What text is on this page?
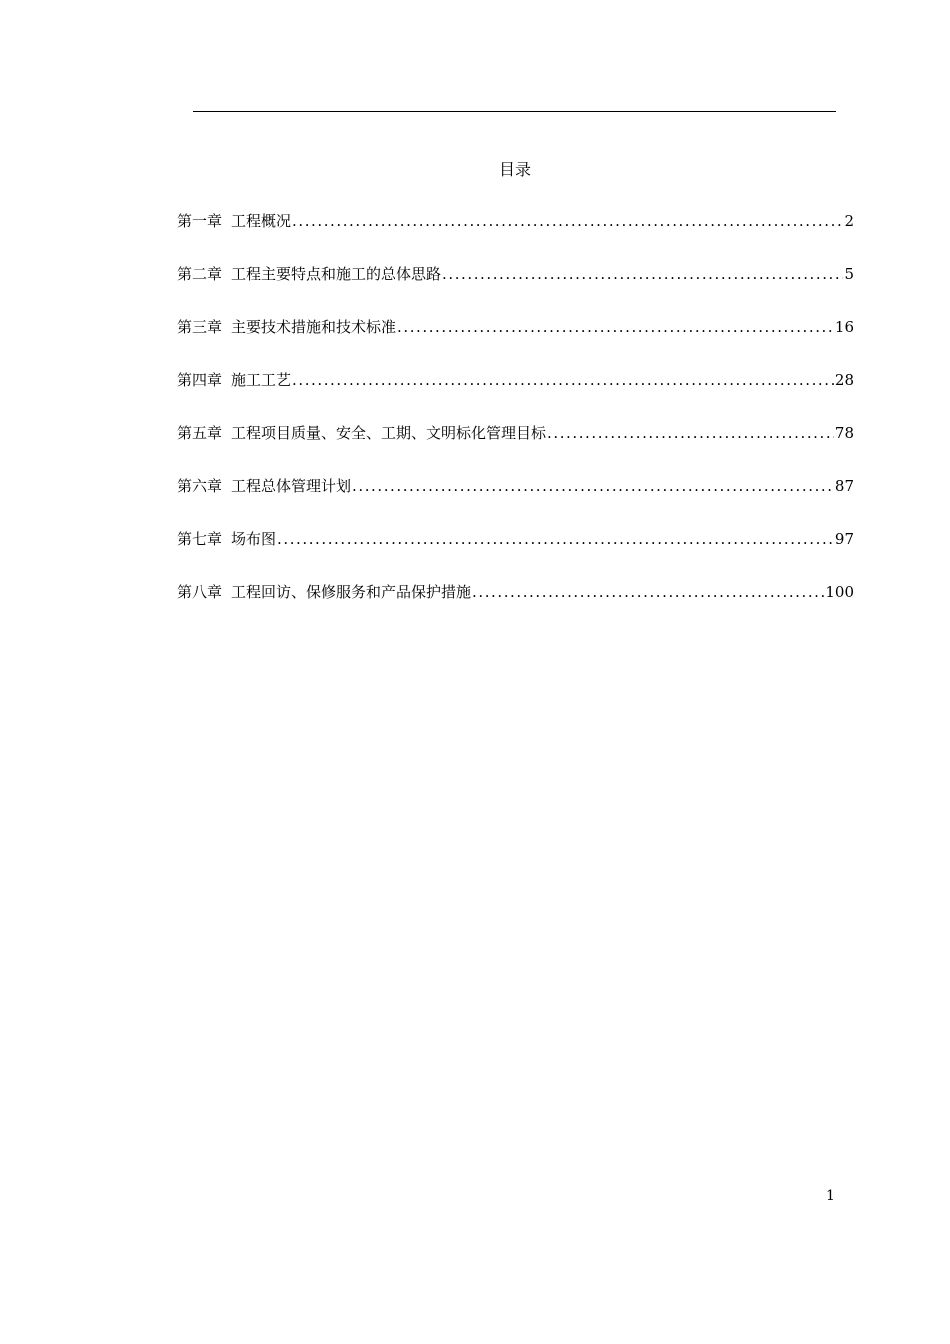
目录
第一章 工程概况 . . .	2
第二章 工程主要特点和施工的总体思路 . . .	5
第三章 主要技术措施和技术标准 . . .	16
第四章 施工工艺 . . .	28
第五章 工程项目质量、安全、工期、文明标化管理目标 . . .	78
第六章 工程总体管理计划 . . .	87
第七章 场布图 . . .	97
第八章 工程回访、保修服务和产品保护措施 . . .	100
1
